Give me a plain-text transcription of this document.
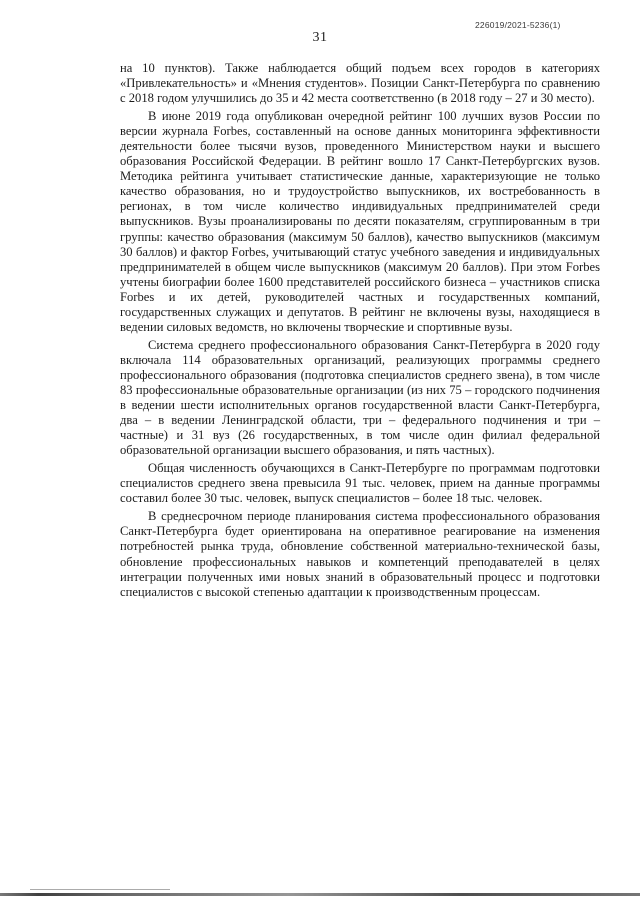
226019/2021-5236(1)
31

на 10 пунктов). Также наблюдается общий подъем всех городов в категориях «Привлекательность» и «Мнения студентов». Позиции Санкт-Петербурга по сравнению с 2018 годом улучшились до 35 и 42 места соответственно (в 2018 году – 27 и 30 место).

В июне 2019 года опубликован очередной рейтинг 100 лучших вузов России по версии журнала Forbes, составленный на основе данных мониторинга эффективности деятельности более тысячи вузов, проведенного Министерством науки и высшего образования Российской Федерации. В рейтинг вошло 17 Санкт-Петербургских вузов. Методика рейтинга учитывает статистические данные, характеризующие не только качество образования, но и трудоустройство выпускников, их востребованность в регионах, в том числе количество индивидуальных предпринимателей среди выпускников. Вузы проанализированы по десяти показателям, сгруппированным в три группы: качество образования (максимум 50 баллов), качество выпускников (максимум 30 баллов) и фактор Forbes, учитывающий статус учебного заведения и индивидуальных предпринимателей в общем числе выпускников (максимум 20 баллов). При этом Forbes учтены биографии более 1600 представителей российского бизнеса – участников списка Forbes и их детей, руководителей частных и государственных компаний, государственных служащих и депутатов. В рейтинг не включены вузы, находящиеся в ведении силовых ведомств, но включены творческие и спортивные вузы.

Система среднего профессионального образования Санкт-Петербурга в 2020 году включала 114 образовательных организаций, реализующих программы среднего профессионального образования (подготовка специалистов среднего звена), в том числе 83 профессиональные образовательные организации (из них 75 – городского подчинения в ведении шести исполнительных органов государственной власти Санкт-Петербурга, два – в ведении Ленинградской области, три – федерального подчинения и три – частные) и 31 вуз (26 государственных, в том числе один филиал федеральной образовательной организации высшего образования, и пять частных).

Общая численность обучающихся в Санкт-Петербурге по программам подготовки специалистов среднего звена превысила 91 тыс. человек, прием на данные программы составил более 30 тыс. человек, выпуск специалистов – более 18 тыс. человек.

В среднесрочном периоде планирования система профессионального образования Санкт-Петербурга будет ориентирована на оперативное реагирование на изменения потребностей рынка труда, обновление собственной материально-технической базы, обновление профессиональных навыков и компетенций преподавателей в целях интеграции полученных ими новых знаний в образовательный процесс и подготовки специалистов с высокой степенью адаптации к производственным процессам.
